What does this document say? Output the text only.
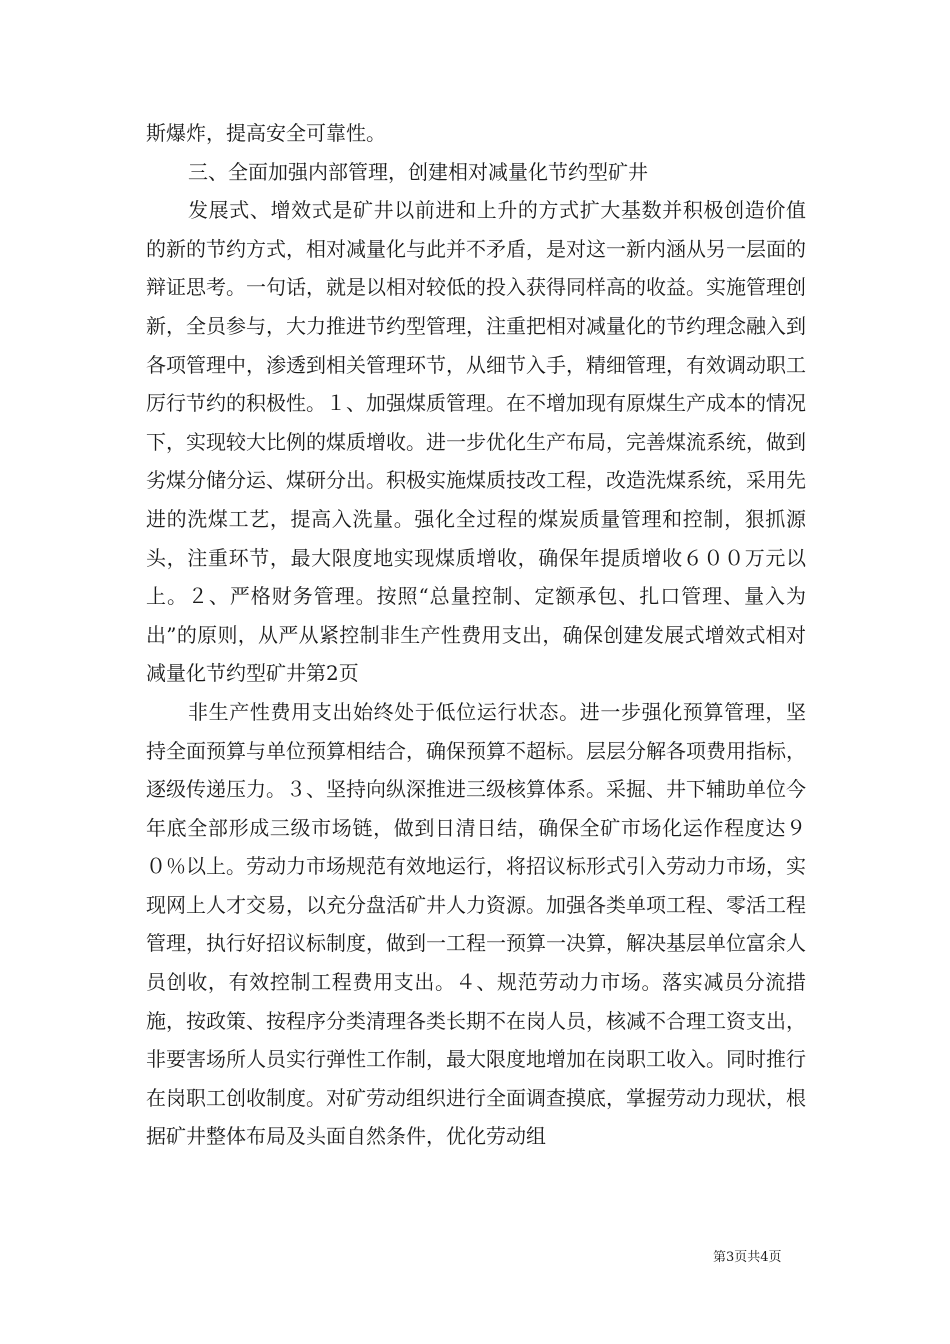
斯爆炸，提高安全可靠性。

三、全面加强内部管理，创建相对减量化节约型矿井

发展式、增效式是矿井以前进和上升的方式扩大基数并积极创造价值的新的节约方式，相对减量化与此并不矛盾，是对这一新内涵从另一层面的辩证思考。一句话，就是以相对较低的投入获得同样高的收益。实施管理创新，全员参与，大力推进节约型管理，注重把相对减量化的节约理念融入到各项管理中，渗透到相关管理环节，从细节入手，精细管理，有效调动职工厉行节约的积极性。１、加强煤质管理。在不增加现有原煤生产成本的情况下，实现较大比例的煤质增收。进一步优化生产布局，完善煤流系统，做到劣煤分储分运、煤研分出。积极实施煤质技改工程，改造洗煤系统，采用先进的洗煤工艺，提高入洗量。强化全过程的煤炭质量管理和控制，狠抓源头，注重环节，最大限度地实现煤质增收，确保年提质增收６００万元以上。２、严格财务管理。按照“总量控制、定额承包、扎口管理、量入为出”的原则，从严从紧控制非生产性费用支出，确保创建发展式增效式相对减量化节约型矿井第2页

非生产性费用支出始终处于低位运行状态。进一步强化预算管理，坚持全面预算与单位预算相结合，确保预算不超标。层层分解各项费用指标，逐级传递压力。３、坚持向纵深推进三级核算体系。采掘、井下辅助单位今年底全部形成三级市场链，做到日清日结，确保全矿市场化运作程度达９０％以上。劳动力市场规范有效地运行，将招议标形式引入劳动力市场，实现网上人才交易，以充分盘活矿井人力资源。加强各类单项工程、零活工程管理，执行好招议标制度，做到一工程一预算一决算，解决基层单位富余人员创收，有效控制工程费用支出。４、规范劳动力市场。落实减员分流措施，按政策、按程序分类清理各类长期不在岗人员，核减不合理工资支出，非要害场所人员实行弹性工作制，最大限度地增加在岗职工收入。同时推行在岗职工创收制度。对矿劳动组织进行全面调查摸底，掌握劳动力现状，根据矿井整体布局及头面自然条件，优化劳动组

第3页共4页
